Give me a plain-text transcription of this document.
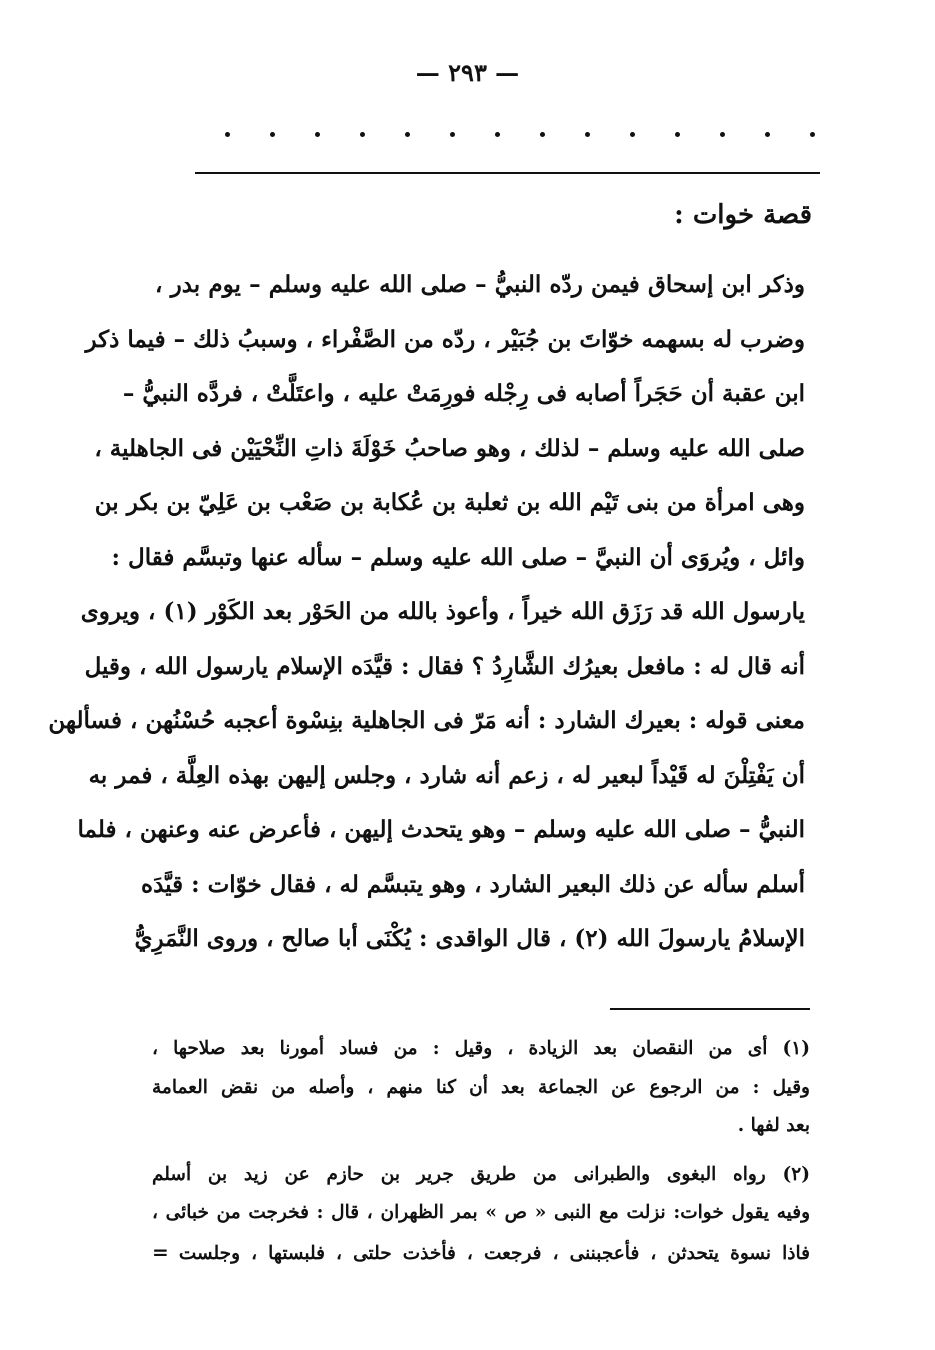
— ٢٩٣ —
قصة خوات :
وذكر ابن إسحاق فيمن ردّه النبيُّ – صلى الله عليه وسلم – يوم بدر ،
وضرب له بسهمه خوّاتَ بن جُبَيْر ، ردّه من الصَّفْراء ، وسببُ ذلك – فيما ذكر
ابن عقبة أن حَجَراً أصابه فى رِجْله فورِمَتْ عليه ، واعتَلَّتْ ، فردَّه النبيُّ –
صلى الله عليه وسلم – لذلك ، وهو صاحبُ خَوْلَةَ ذاتِ النِّحْيَيْن فى الجاهلية ،
وهى امرأة من بنى تَيْم الله بن ثعلبة بن عُكابة بن صَعْب بن عَلِيّ بن بكر بن
وائل ، ويُروَى أن النبيَّ – صلى الله عليه وسلم – سأله عنها وتبسَّم فقال :
يارسول الله قد رَزَق الله خيراً ، وأعوذ بالله من الحَوْر بعد الكَوْر (١) ، ويروى
أنه قال له : مافعل بعيرُك الشَّارِدُ ؟ فقال : قيَّدَه الإسلام يارسول الله ، وقيل
معنى قوله : بعيرك الشارد : أنه مَرّ فى الجاهلية بنِسْوة أعجبه حُسْنُهن ، فسألهن
أن يَفْتِلْنَ له قَيْداً لبعير له ، زعم أنه شارد ، وجلس إليهن بهذه العِلَّة ، فمر به
النبيُّ – صلى الله عليه وسلم – وهو يتحدث إليهن ، فأعرض عنه وعنهن ، فلما
أسلم سأله عن ذلك البعير الشارد ، وهو يتبسَّم له ، فقال خوّات : قيَّدَه
الإسلامُ يارسولَ الله (٢) ، قال الواقدى : يُكْنَى أبا صالح ، وروى النَّمَرِيُّ
(١) أى من النقصان بعد الزيادة ، وقيل : من فساد أمورنا بعد صلاحها ،
وقيل : من الرجوع عن الجماعة بعد أن كنا منهم ، وأصله من نقض العمامة
بعد لفها .
(٢) رواه البغوى والطبرانى من طريق جرير بن حازم عن زيد بن أسلم
وفيه يقول خوات: نزلت مع النبى « ص » بمر الظهران ، قال : فخرجت من خبائى ،
فاذا نسوة يتحدثن ، فأعجبننى ، فرجعت ، فأخذت حلتى ، فلبستها ، وجلست =
